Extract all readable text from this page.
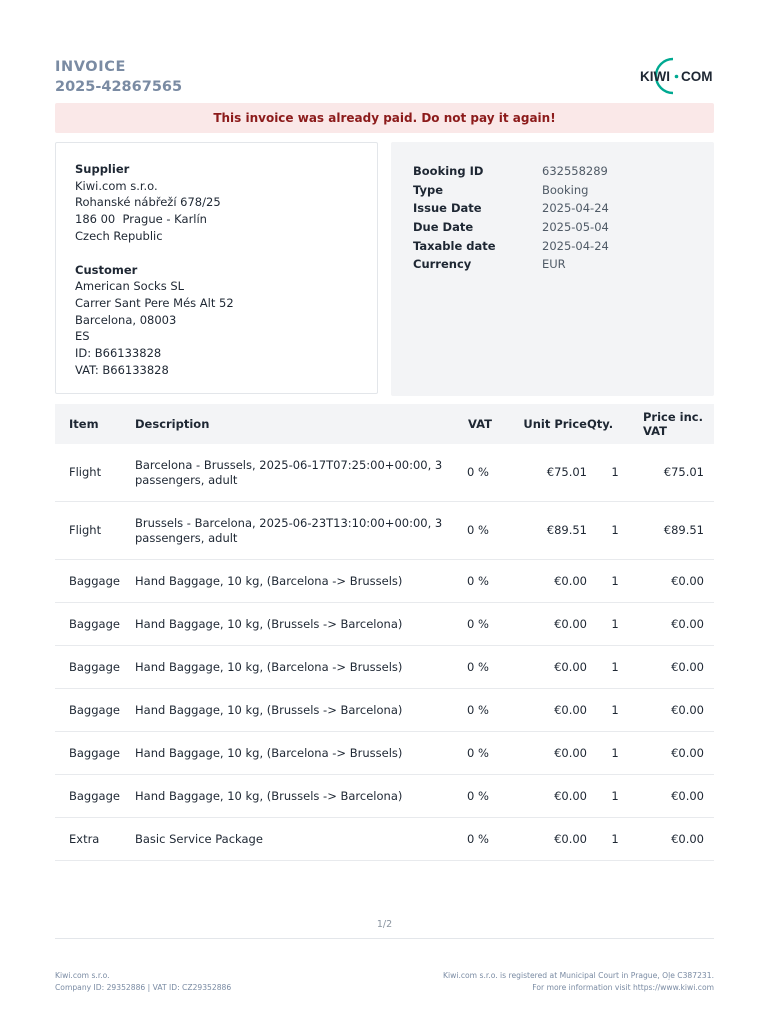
INVOICE
2025-42867565
KIWI COM
This invoice was already paid. Do not pay it again!
Supplier
Kiwi.com s.r.o.
Rohanské nábřeží 678/25
186 00  Prague - Karlín
Czech Republic
Customer
American Socks SL
Carrer Sant Pere Més Alt 52
Barcelona, 08003
ES
ID: B66133828
VAT: B66133828
Booking ID	632558289
Type	Booking
Issue Date	2025-04-24
Due Date	2025-05-04
Taxable date	2025-04-24
Currency	EUR
Item	Description	VAT	Unit Price	Qty.	Price inc. VAT
Flight	Barcelona - Brussels, 2025-06-17T07:25:00+00:00, 3 passengers, adult	0 %	€75.01	1	€75.01
Flight	Brussels - Barcelona, 2025-06-23T13:10:00+00:00, 3 passengers, adult	0 %	€89.51	1	€89.51
Baggage	Hand Baggage, 10 kg, (Barcelona -> Brussels)	0 %	€0.00	1	€0.00
Baggage	Hand Baggage, 10 kg, (Brussels -> Barcelona)	0 %	€0.00	1	€0.00
Baggage	Hand Baggage, 10 kg, (Barcelona -> Brussels)	0 %	€0.00	1	€0.00
Baggage	Hand Baggage, 10 kg, (Brussels -> Barcelona)	0 %	€0.00	1	€0.00
Baggage	Hand Baggage, 10 kg, (Barcelona -> Brussels)	0 %	€0.00	1	€0.00
Baggage	Hand Baggage, 10 kg, (Brussels -> Barcelona)	0 %	€0.00	1	€0.00
Extra	Basic Service Package	0 %	€0.00	1	€0.00
1/2
Kiwi.com s.r.o.
Company ID: 29352886 | VAT ID: CZ29352886
Kiwi.com s.r.o. is registered at Municipal Court in Prague, Ol̦e C387231.
For more information visit https://www.kiwi.com
